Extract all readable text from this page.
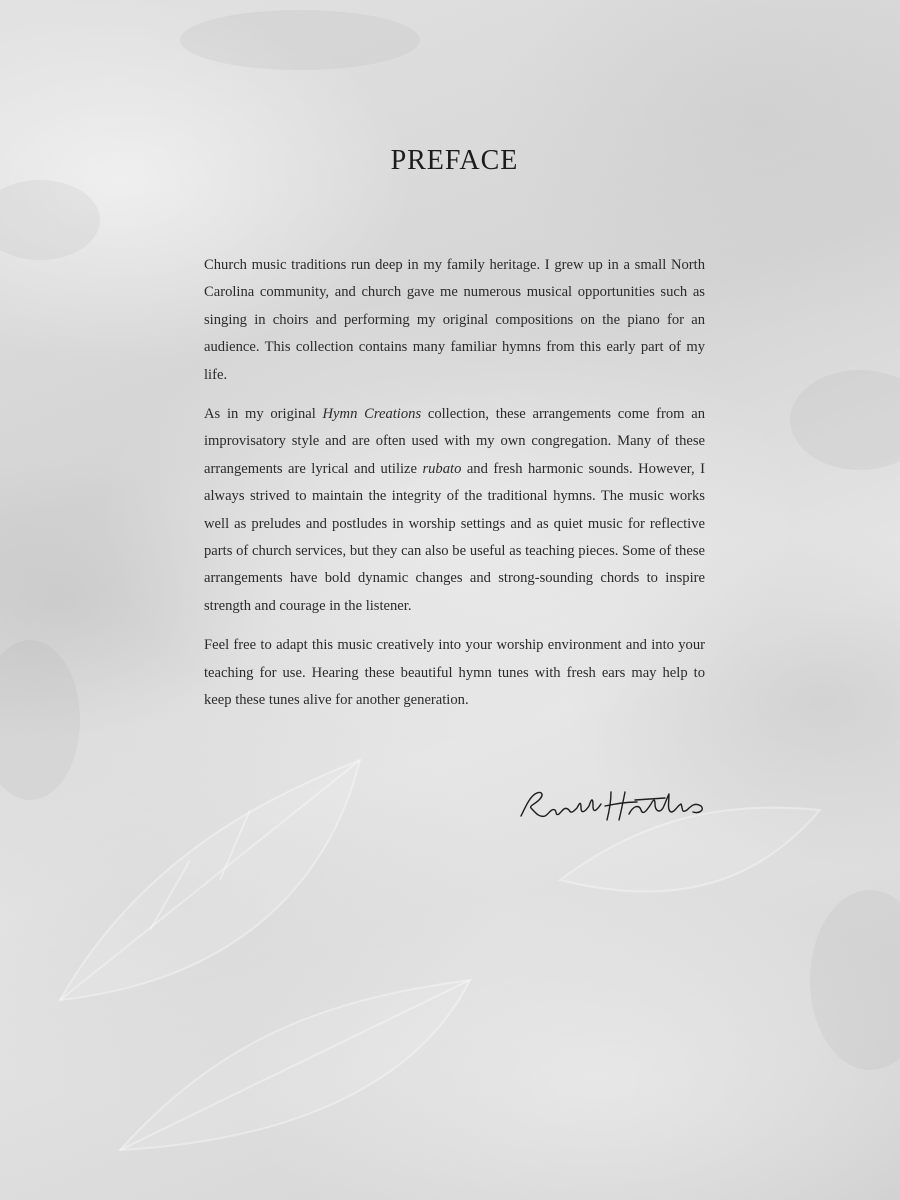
PREFACE

Church music traditions run deep in my family heritage. I grew up in a small North Carolina community, and church gave me numerous musical opportunities such as singing in choirs and performing my original compositions on the piano for an audience. This collection contains many familiar hymns from this early part of my life.

As in my original Hymn Creations collection, these arrangements come from an improvisatory style and are often used with my own congregation. Many of these arrangements are lyrical and utilize rubato and fresh harmonic sounds. However, I always strived to maintain the integrity of the traditional hymns. The music works well as preludes and postludes in worship settings and as quiet music for reflective parts of church services, but they can also be useful as teaching pieces. Some of these arrangements have bold dynamic changes and strong-sounding chords to inspire strength and courage in the listener.

Feel free to adapt this music creatively into your worship environment and into your teaching for use. Hearing these beautiful hymn tunes with fresh ears may help to keep these tunes alive for another generation.
